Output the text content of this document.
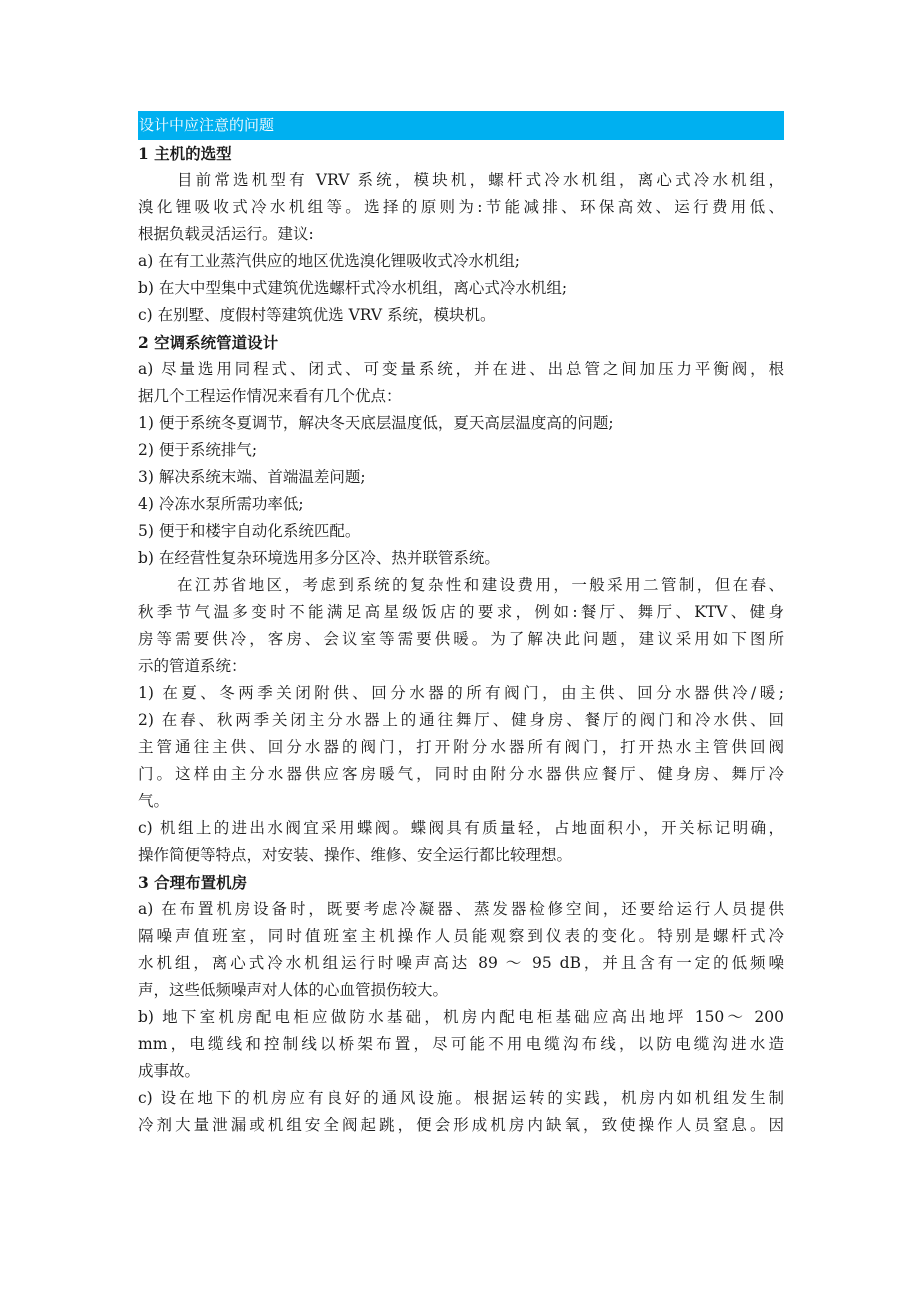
设计中应注意的问题
1 主机的选型
目前常选机型有 VRV 系统，模块机，螺杆式冷水机组，离心式冷水机组，
溴化锂吸收式冷水机组等。选择的原则为:节能减排、环保高效、运行费用低、
根据负载灵活运行。建议:
a) 在有工业蒸汽供应的地区优选溴化锂吸收式冷水机组;
b) 在大中型集中式建筑优选螺杆式冷水机组，离心式冷水机组;
c) 在别墅、度假村等建筑优选 VRV 系统，模块机。
2 空调系统管道设计
a) 尽量选用同程式、闭式、可变量系统，并在进、出总管之间加压力平衡阀，根
据几个工程运作情况来看有几个优点：
1) 便于系统冬夏调节，解决冬天底层温度低，夏天高层温度高的问题;
2) 便于系统排气;
3) 解决系统末端、首端温差问题;
4) 冷冻水泵所需功率低;
5) 便于和楼宇自动化系统匹配。
b) 在经营性复杂环境选用多分区冷、热并联管系统。
在江苏省地区，考虑到系统的复杂性和建设费用，一般采用二管制，但在春、
秋季节气温多变时不能满足高星级饭店的要求，例如:餐厅、舞厅、KTV、健身
房等需要供冷，客房、会议室等需要供暖。为了解决此问题，建议采用如下图所
示的管道系统：
1) 在夏、冬两季关闭附供、回分水器的所有阀门，由主供、回分水器供冷/暖;
2) 在春、秋两季关闭主分水器上的通往舞厅、健身房、餐厅的阀门和冷水供、回
主管通往主供、回分水器的阀门，打开附分水器所有阀门，打开热水主管供回阀
门。这样由主分水器供应客房暖气，同时由附分水器供应餐厅、健身房、舞厅冷
气。
c) 机组上的进出水阀宜采用蝶阀。蝶阀具有质量轻，占地面积小，开关标记明确，
操作简便等特点，对安装、操作、维修、安全运行都比较理想。
3 合理布置机房
a) 在布置机房设备时，既要考虑冷凝器、蒸发器检修空间，还要给运行人员提供
隔噪声值班室，同时值班室主机操作人员能观察到仪表的变化。特别是螺杆式冷
水机组，离心式冷水机组运行时噪声高达 89 ～ 95 dB，并且含有一定的低频噪
声，这些低频噪声对人体的心血管损伤较大。
b) 地下室机房配电柜应做防水基础，机房内配电柜基础应高出地坪 150～ 200
mm，电缆线和控制线以桥架布置，尽可能不用电缆沟布线，以防电缆沟进水造
成事故。
c) 设在地下的机房应有良好的通风设施。根据运转的实践，机房内如机组发生制
冷剂大量泄漏或机组安全阀起跳，便会形成机房内缺氧，致使操作人员窒息。因
